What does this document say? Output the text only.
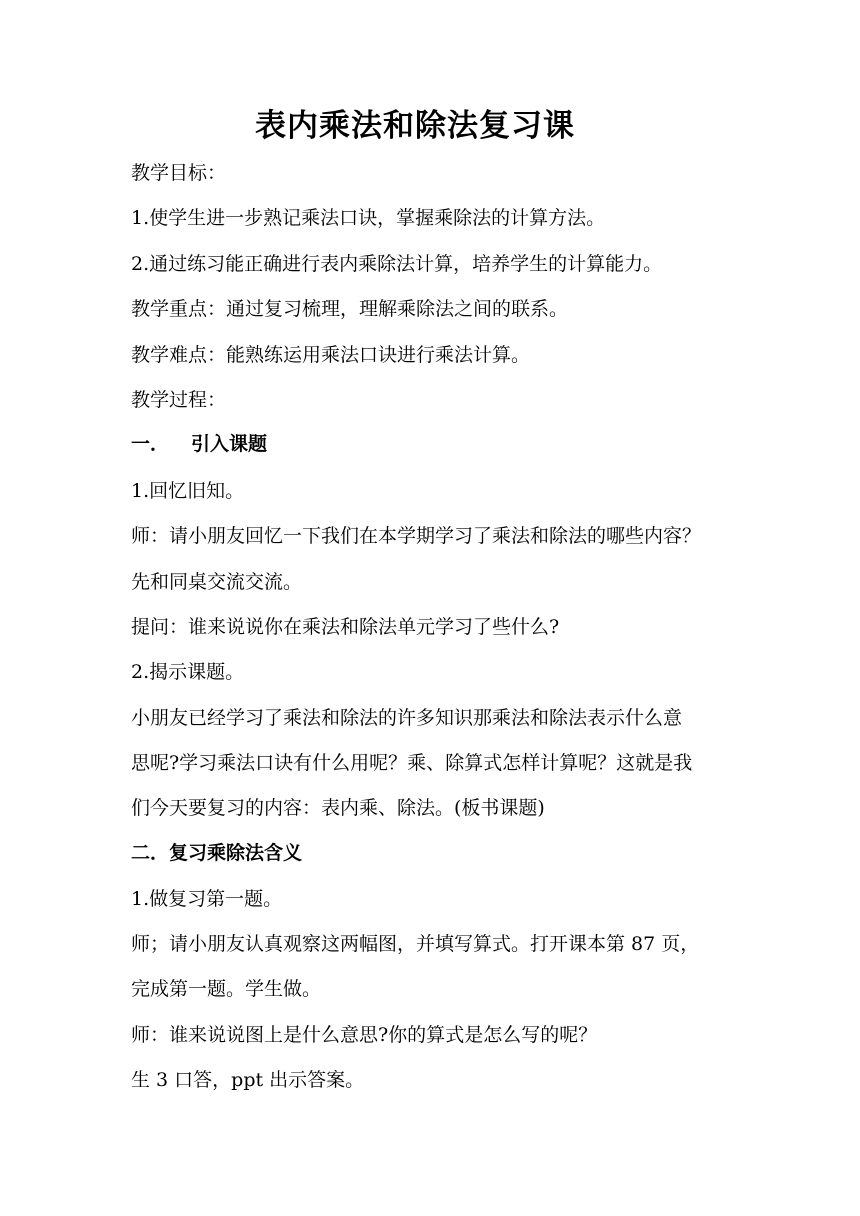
表内乘法和除法复习课
教学目标：
1.使学生进一步熟记乘法口诀，掌握乘除法的计算方法。
2.通过练习能正确进行表内乘除法计算，培养学生的计算能力。
教学重点：通过复习梳理，理解乘除法之间的联系。
教学难点：能熟练运用乘法口诀进行乘法计算。
教学过程：
一． 引入课题
1.回忆旧知。
师：请小朋友回忆一下我们在本学期学习了乘法和除法的哪些内容？
先和同桌交流交流。
提问：谁来说说你在乘法和除法单元学习了些什么?
2.揭示课题。
小朋友已经学习了乘法和除法的许多知识那乘法和除法表示什么意
思呢?学习乘法口诀有什么用呢？乘、除算式怎样计算呢？这就是我
们今天要复习的内容：表内乘、除法。(板书课题)
二．复习乘除法含义
1.做复习第一题。
师；请小朋友认真观察这两幅图，并填写算式。打开课本第 87 页，
完成第一题。学生做。
师：谁来说说图上是什么意思?你的算式是怎么写的呢？
生 3 口答，ppt 出示答案。
